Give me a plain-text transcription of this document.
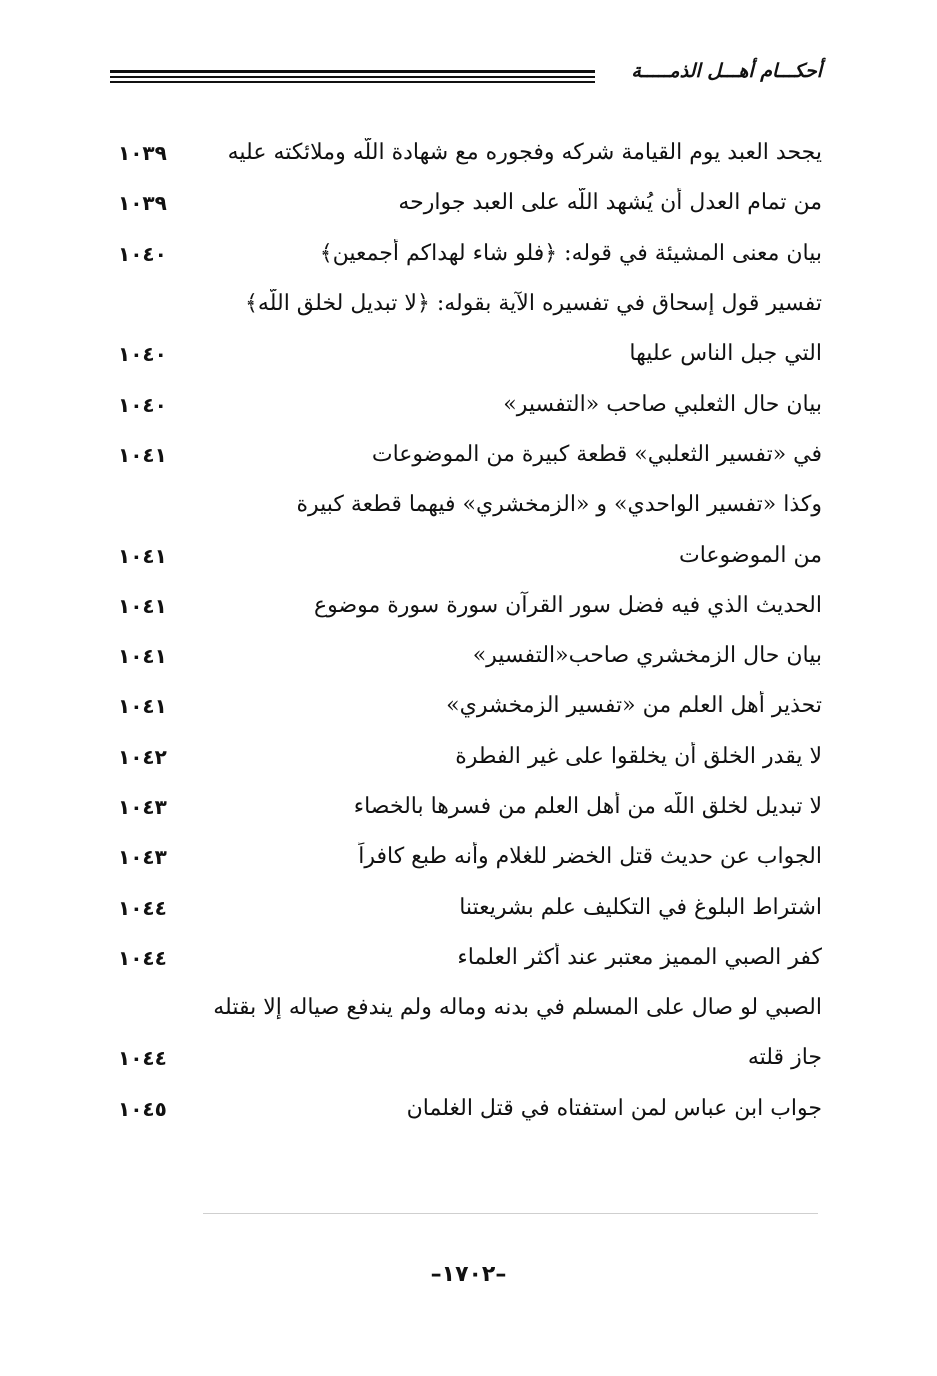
أحكـــام أهـــل الذمـــــة
١٠٣٩	يجحد العبد يوم القيامة شركه وفجوره مع شهادة اللَّه وملائكته عليه
١٠٣٩	من تمام العدل أن يُشهد اللَّه على العبد جوارحه
١٠٤٠	بيان معنى المشيئة في قوله: ﴿فلو شاء لهداكم أجمعين﴾
تفسير قول إسحاق في تفسيره الآية بقوله: ﴿لا تبديل لخلق اللَّه﴾
١٠٤٠	التي جبل الناس عليها
١٠٤٠	بيان حال الثعلبي صاحب «التفسير»
١٠٤١	في «تفسير الثعلبي» قطعة كبيرة من الموضوعات
وكذا «تفسير الواحدي» و «الزمخشري» فيهما قطعة كبيرة
١٠٤١	من الموضوعات
١٠٤١	الحديث الذي فيه فضل سور القرآن سورة سورة موضوع
١٠٤١	بيان حال الزمخشري صاحب«التفسير»
١٠٤١	تحذير أهل العلم من «تفسير الزمخشري»
١٠٤٢	لا يقدر الخلق أن يخلقوا على غير الفطرة
١٠٤٣	لا تبديل لخلق اللَّه من أهل العلم من فسرها بالخصاء
١٠٤٣	الجواب عن حديث قتل الخضر للغلام وأنه طبع كافراً
١٠٤٤	اشتراط البلوغ في التكليف علم بشريعتنا
١٠٤٤	كفر الصبي المميز معتبر عند أكثر العلماء
الصبي لو صال على المسلم في بدنه وماله ولم يندفع صياله إلا بقتله
١٠٤٤	جاز قلته
١٠٤٥	جواب ابن عباس لمن استفتاه في قتل الغلمان
–١٧٠٢–
